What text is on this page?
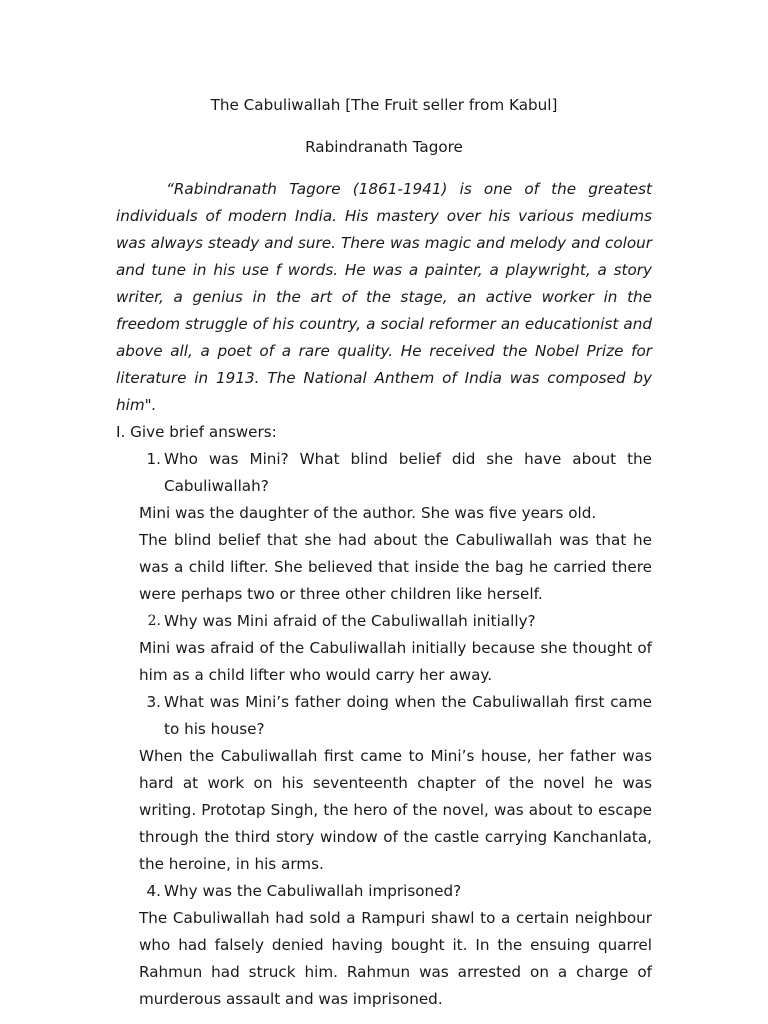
The Cabuliwallah [The Fruit seller from Kabul]

Rabindranath Tagore

“Rabindranath Tagore (1861-1941) is one of the greatest individuals of modern India. His mastery over his various mediums was always steady and sure. There was magic and melody and colour and tune in his use f words. He was a painter, a playwright, a story writer, a genius in the art of the stage, an active worker in the freedom struggle of his country, a social reformer an educationist and above all, a poet of a rare quality. He received the Nobel Prize for literature in 1913. The National Anthem of India was composed by him".

I. Give brief answers:

1. Who was Mini? What blind belief did she have about the Cabuliwallah?

Mini was the daughter of the author. She was five years old.

The blind belief that she had about the Cabuliwallah was that he was a child lifter. She believed that inside the bag he carried there were perhaps two or three other children like herself.

2. Why was Mini afraid of the Cabuliwallah initially?

Mini was afraid of the Cabuliwallah initially because she thought of him as a child lifter who would carry her away.

3. What was Mini’s father doing when the Cabuliwallah first came to his house?

When the Cabuliwallah first came to Mini’s house, her father was hard at work on his seventeenth chapter of the novel he was writing. Prototap Singh, the hero of the novel, was about to escape through the third story window of the castle carrying Kanchanlata, the heroine, in his arms.

4. Why was the Cabuliwallah imprisoned?

The Cabuliwallah had sold a Rampuri shawl to a certain neighbour who had falsely denied having bought it. In the ensuing quarrel Rahmun had struck him. Rahmun was arrested on a charge of murderous assault and was imprisoned.
